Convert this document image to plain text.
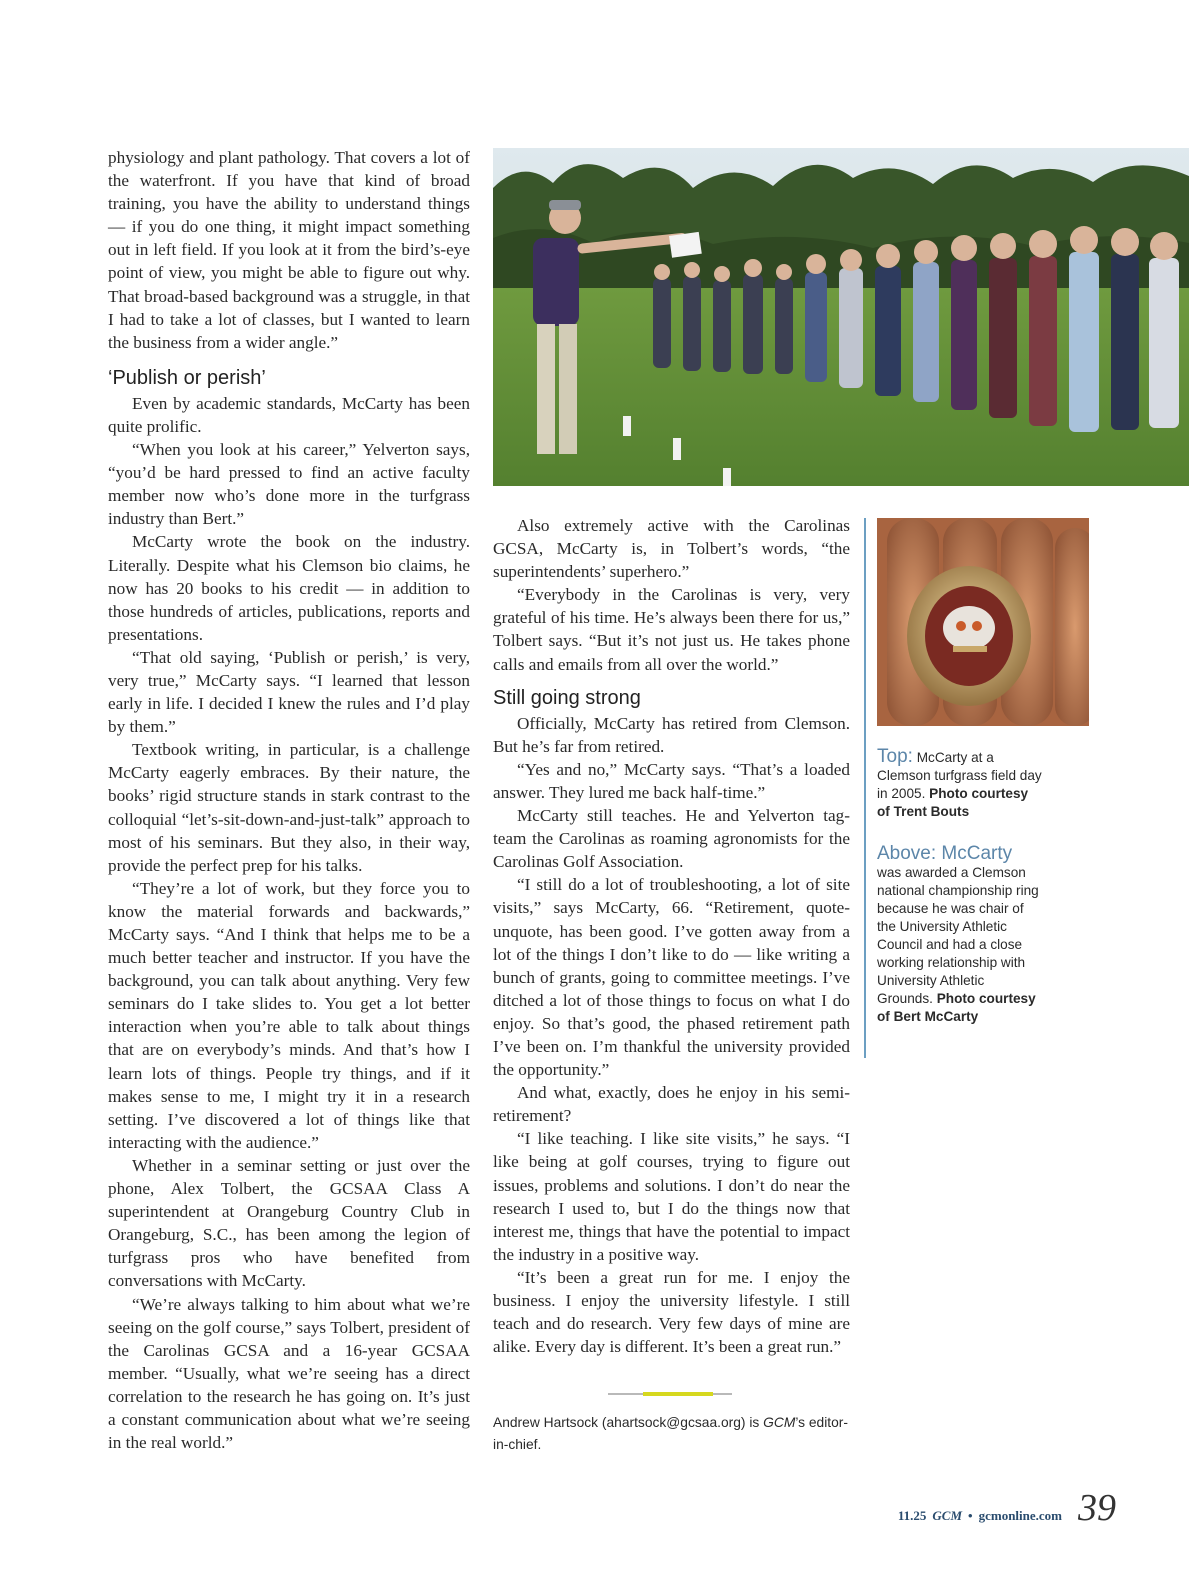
physiology and plant pathology. That covers a lot of the waterfront. If you have that kind of broad training, you have the ability to understand things — if you do one thing, it might impact something out in left field. If you look at it from the bird’s-eye point of view, you might be able to figure out why. That broad-based background was a struggle, in that I had to take a lot of classes, but I wanted to learn the business from a wider angle.”

‘Publish or perish’

Even by academic standards, McCarty has been quite prolific.

“When you look at his career,” Yelverton says, “you’d be hard pressed to find an active faculty member now who’s done more in the turfgrass industry than Bert.”

McCarty wrote the book on the industry. Literally. Despite what his Clemson bio claims, he now has 20 books to his credit — in addition to those hundreds of articles, publications, reports and presentations.

“That old saying, ‘Publish or perish,’ is very, very true,” McCarty says. “I learned that lesson early in life. I decided I knew the rules and I’d play by them.”

Textbook writing, in particular, is a challenge McCarty eagerly embraces. By their nature, the books’ rigid structure stands in stark contrast to the colloquial “let’s-sit-down-and-just-talk” approach to most of his seminars. But they also, in their way, provide the perfect prep for his talks.

“They’re a lot of work, but they force you to know the material forwards and backwards,” McCarty says. “And I think that helps me to be a much better teacher and instructor. If you have the background, you can talk about anything. Very few seminars do I take slides to. You get a lot better interaction when you’re able to talk about things that are on everybody’s minds. And that’s how I learn lots of things. People try things, and if it makes sense to me, I might try it in a research setting. I’ve discovered a lot of things like that interacting with the audience.”

Whether in a seminar setting or just over the phone, Alex Tolbert, the GCSAA Class A superintendent at Orangeburg Country Club in Orangeburg, S.C., has been among the legion of turfgrass pros who have benefited from conversations with McCarty.

“We’re always talking to him about what we’re seeing on the golf course,” says Tolbert, president of the Carolinas GCSA and a 16-year GCSAA member. “Usually, what we’re seeing has a direct correlation to the research he has going on. It’s just a constant communication about what we’re seeing in the real world.”

Also extremely active with the Carolinas GCSA, McCarty is, in Tolbert’s words, “the superintendents’ superhero.”

“Everybody in the Carolinas is very, very grateful of his time. He’s always been there for us,” Tolbert says. “But it’s not just us. He takes phone calls and emails from all over the world.”

Still going strong

Officially, McCarty has retired from Clemson. But he’s far from retired.

“Yes and no,” McCarty says. “That’s a loaded answer. They lured me back half-time.”

McCarty still teaches. He and Yelverton tag-team the Carolinas as roaming agronomists for the Carolinas Golf Association.

“I still do a lot of troubleshooting, a lot of site visits,” says McCarty, 66. “Retirement, quote-unquote, has been good. I’ve gotten away from a lot of the things I don’t like to do — like writing a bunch of grants, going to committee meetings. I’ve ditched a lot of those things to focus on what I do enjoy. So that’s good, the phased retirement path I’ve been on. I’m thankful the university provided the opportunity.”

And what, exactly, does he enjoy in his semi-retirement?

“I like teaching. I like site visits,” he says. “I like being at golf courses, trying to figure out issues, problems and solutions. I don’t do near the research I used to, but I do the things now that interest me, things that have the potential to impact the industry in a positive way.

“It’s been a great run for me. I enjoy the business. I enjoy the university lifestyle. I still teach and do research. Very few days of mine are alike. Every day is different. It’s been a great run.”

Top: McCarty at a Clemson turfgrass field day in 2005. Photo courtesy of Trent Bouts
Above: McCarty
was awarded a Clemson national championship ring because he was chair of the University Athletic Council and had a close working relationship with University Athletic Grounds. Photo courtesy of Bert McCarty
Andrew Hartsock (ahartsock@gcsaa.org) is GCM’s editor-in-chief.
11.25 GCM • gcmonline.com 39
